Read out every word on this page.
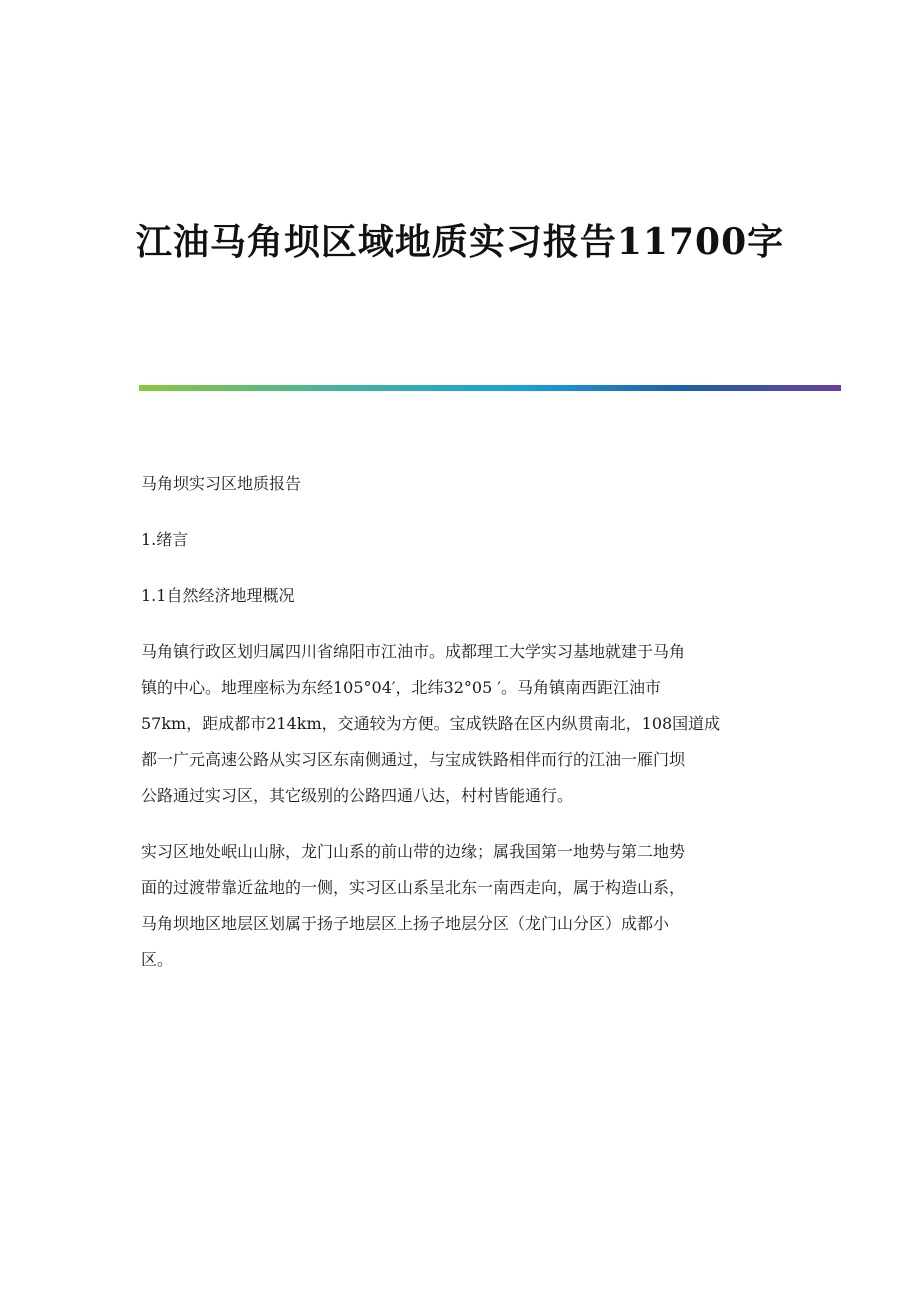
江油马角坝区域地质实习报告11700字
马角坝实习区地质报告
1.绪言
1.1自然经济地理概况
马角镇行政区划归属四川省绵阳市江油市。成都理工大学实习基地就建于马角
镇的中心。地理座标为东经105°04′，北纬32°05 ′。马角镇南西距江油市
57km，距成都市214km，交通较为方便。宝成铁路在区内纵贯南北，108国道成
都一广元高速公路从实习区东南侧通过，与宝成铁路相伴而行的江油一雁门坝
公路通过实习区，其它级别的公路四通八达，村村皆能通行。
实习区地处岷山山脉，龙门山系的前山带的边缘；属我国第一地势与第二地势
面的过渡带靠近盆地的一侧，实习区山系呈北东一南西走向，属于构造山系，
马角坝地区地层区划属于扬子地层区上扬子地层分区（龙门山分区）成都小
区。
